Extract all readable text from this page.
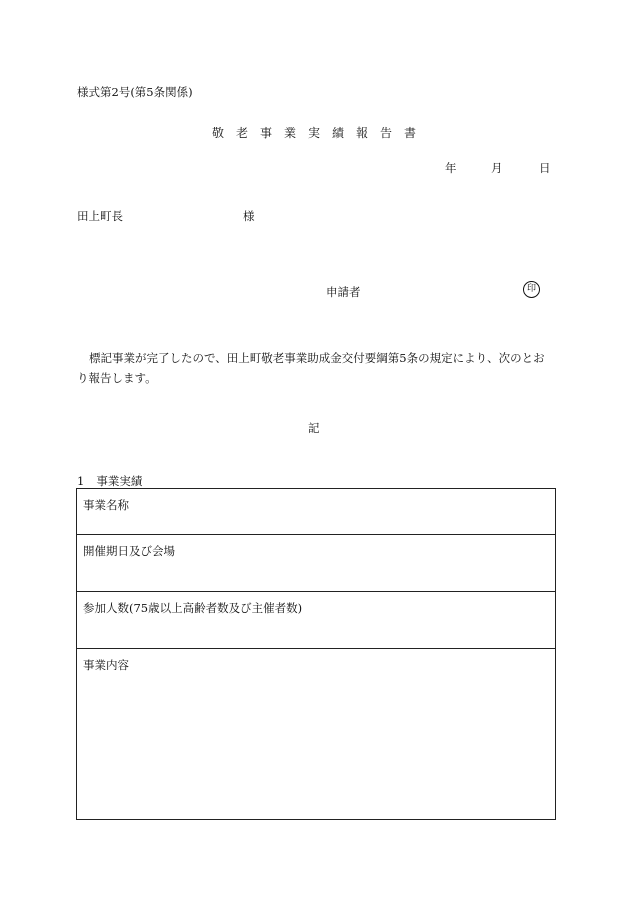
様式第2号(第5条関係)
敬老事業実績報告書
年	月	日
田上町長	様
申請者	印
標記事業が完了したので、田上町敬老事業助成金交付要綱第5条の規定により、次のとおり報告します。
記
1 事業実績
事業名称
開催期日及び会場
参加人数(75歳以上高齢者数及び主催者数)
事業内容
